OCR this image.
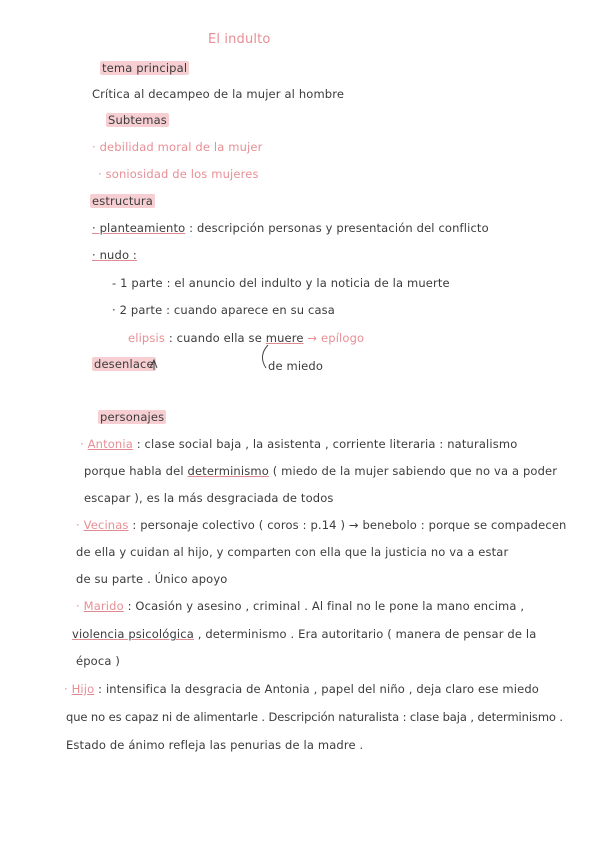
El indulto
tema principal
Crítica al decampeo de la mujer al hombre
Subtemas
· debilidad moral de la mujer
· soniosidad de los mujeres
estructura
· planteamiento : descripción personas y presentación del conflicto
· nudo :
- 1 parte : el anuncio del indulto y la noticia de la muerte
· 2 parte : cuando aparece en su casa
elipsis : cuando ella se muere → epílogo
desenlace	de miedo
personajes
· Antonia : clase social baja , la asistenta , corriente literaria : naturalismo
porque habla del determinismo ( miedo de la mujer sabiendo que no va a poder
escapar ), es la más desgraciada de todos
· Vecinas : personaje colectivo ( coros : p.14 ) → benebolo : porque se compadecen
de ella y cuidan al hijo, y comparten con ella que la justicia no va a estar
de su parte . Único apoyo
· Marido : Ocasión y asesino , criminal . Al final no le pone la mano encima ,
violencia psicológica , determinismo . Era autoritario ( manera de pensar de la
época )
· Hijo : intensifica la desgracia de Antonia , papel del niño , deja claro ese miedo
que no es capaz ni de alimentarle . Descripción naturalista : clase baja , determinismo .
Estado de ánimo refleja las penurias de la madre .
